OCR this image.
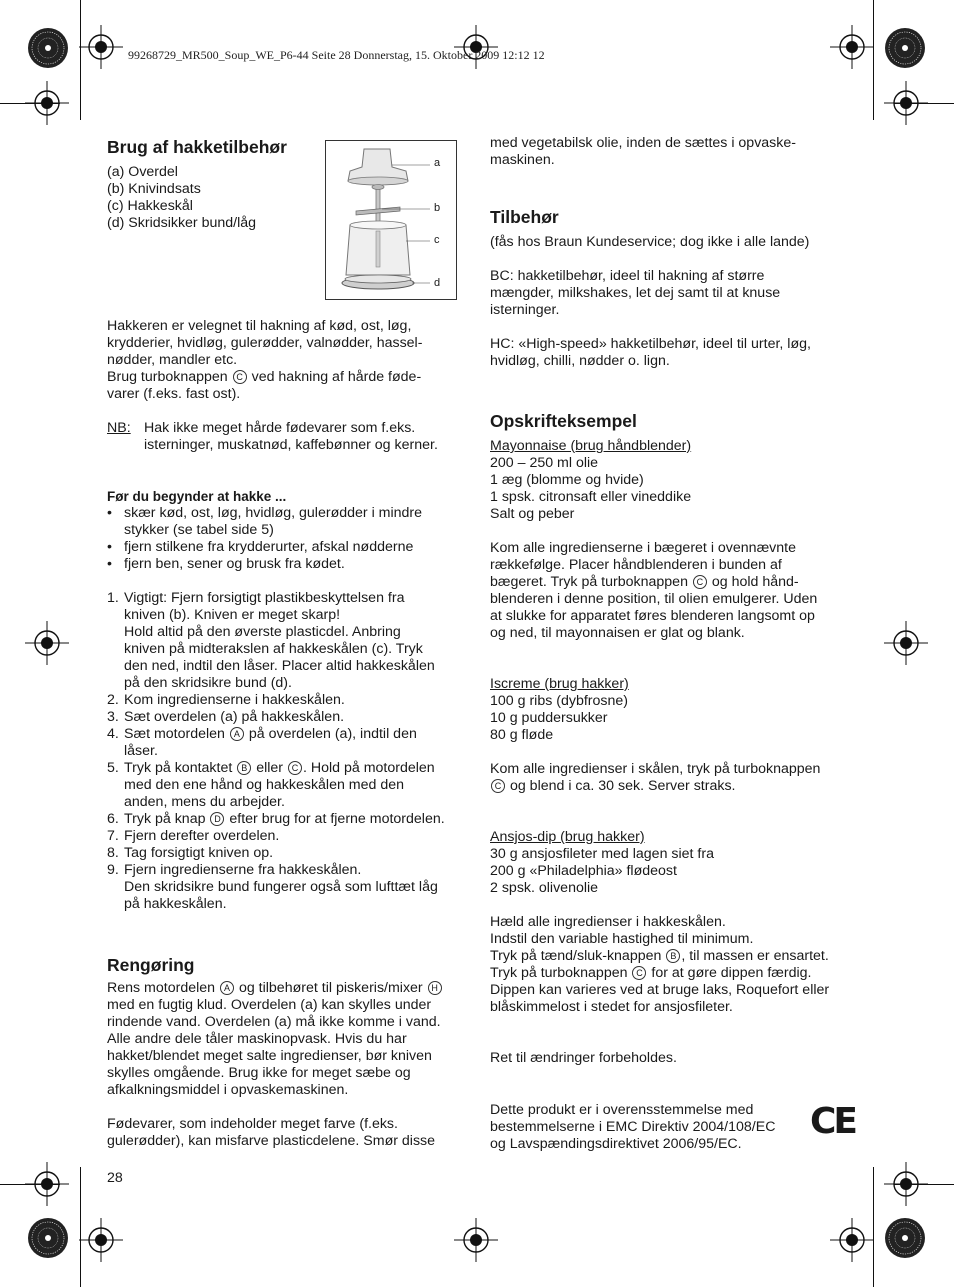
99268729_MR500_Soup_WE_P6-44 Seite 28 Donnerstag, 15. Oktober 2009 12:12 12
Brug af hakketilbehør
(a) Overdel
(b) Knivindsats
(c) Hakkeskål
(d) Skridsikker bund/låg
a
b
c
d
Hakkeren er velegnet til hakning af kød, ost, løg,
krydderier, hvidløg, gulerødder, valnødder, hassel-
nødder, mandler etc.
Brug turboknappen C ved hakning af hårde føde-
varer (f.eks. fast ost).
NB: Hak ikke meget hårde fødevarer som f.eks.
isterninger, muskatnød, kaffebønner og kerner.
Før du begynder at hakke ...
• skær kød, ost, løg, hvidløg, gulerødder i mindre
stykker (se tabel side 5)
• fjern stilkene fra krydderurter, afskal nødderne
• fjern ben, sener og brusk fra kødet.
1. Vigtigt: Fjern forsigtigt plastikbeskyttelsen fra
kniven (b). Kniven er meget skarp!
Hold altid på den øverste plasticdel. Anbring
kniven på midterakslen af hakkeskålen (c). Tryk
den ned, indtil den låser. Placer altid hakkeskålen
på den skridsikre bund (d).
2. Kom ingredienserne i hakkeskålen.
3. Sæt overdelen (a) på hakkeskålen.
4. Sæt motordelen A på overdelen (a), indtil den
låser.
5. Tryk på kontaktet B eller C . Hold på motordelen
med den ene hånd og hakkeskålen med den
anden, mens du arbejder.
6. Tryk på knap D efter brug for at fjerne motordelen.
7. Fjern derefter overdelen.
8. Tag forsigtigt kniven op.
9. Fjern ingredienserne fra hakkeskålen.
Den skridsikre bund fungerer også som lufttæt låg
på hakkeskålen.
Rengøring
Rens motordelen A og tilbehøret til piskeris/mixer H
med en fugtig klud. Overdelen (a) kan skylles under
rindende vand. Overdelen (a) må ikke komme i vand.
Alle andre dele tåler maskinopvask. Hvis du har
hakket/blendet meget salte ingredienser, bør kniven
skylles omgående. Brug ikke for meget sæbe og
afkalkningsmiddel i opvaskemaskinen.
Fødevarer, som indeholder meget farve (f.eks.
gulerødder), kan misfarve plasticdelene. Smør disse
28
med vegetabilsk olie, inden de sættes i opvaske-
maskinen.
Tilbehør
(fås hos Braun Kundeservice; dog ikke i alle lande)
BC: hakketilbehør, ideel til hakning af større
mængder, milkshakes, let dej samt til at knuse
isterninger.
HC: «High-speed» hakketilbehør, ideel til urter, løg,
hvidløg, chilli, nødder o. lign.
Opskrifteksempel
Mayonnaise (brug håndblender)
200 – 250 ml olie
1 æg (blomme og hvide)
1 spsk. citronsaft eller vineddike
Salt og peber
Kom alle ingredienserne i bægeret i ovennævnte
rækkefølge. Placer håndblenderen i bunden af
bægeret. Tryk på turboknappen C og hold hånd-
blenderen i denne position, til olien emulgerer. Uden
at slukke for apparatet føres blenderen langsomt op
og ned, til mayonnaisen er glat og blank.
Iscreme (brug hakker)
100 g ribs (dybfrosne)
10 g puddersukker
80 g fløde
Kom alle ingredienser i skålen, tryk på turboknappen
C og blend i ca. 30 sek. Server straks.
Ansjos-dip (brug hakker)
30 g ansjosfileter med lagen siet fra
200 g «Philadelphia» flødeost
2 spsk. olivenolie
Hæld alle ingredienser i hakkeskålen.
Indstil den variable hastighed til minimum.
Tryk på tænd/sluk-knappen B , til massen er ensartet.
Tryk på turboknappen C for at gøre dippen færdig.
Dippen kan varieres ved at bruge laks, Roquefort eller
blåskimmelost i stedet for ansjosfileter.
Ret til ændringer forbeholdes.
Dette produkt er i overensstemmelse med
bestemmelserne i EMC Direktiv 2004/108/EC
og Lavspændingsdirektivet 2006/95/EC.
CE
